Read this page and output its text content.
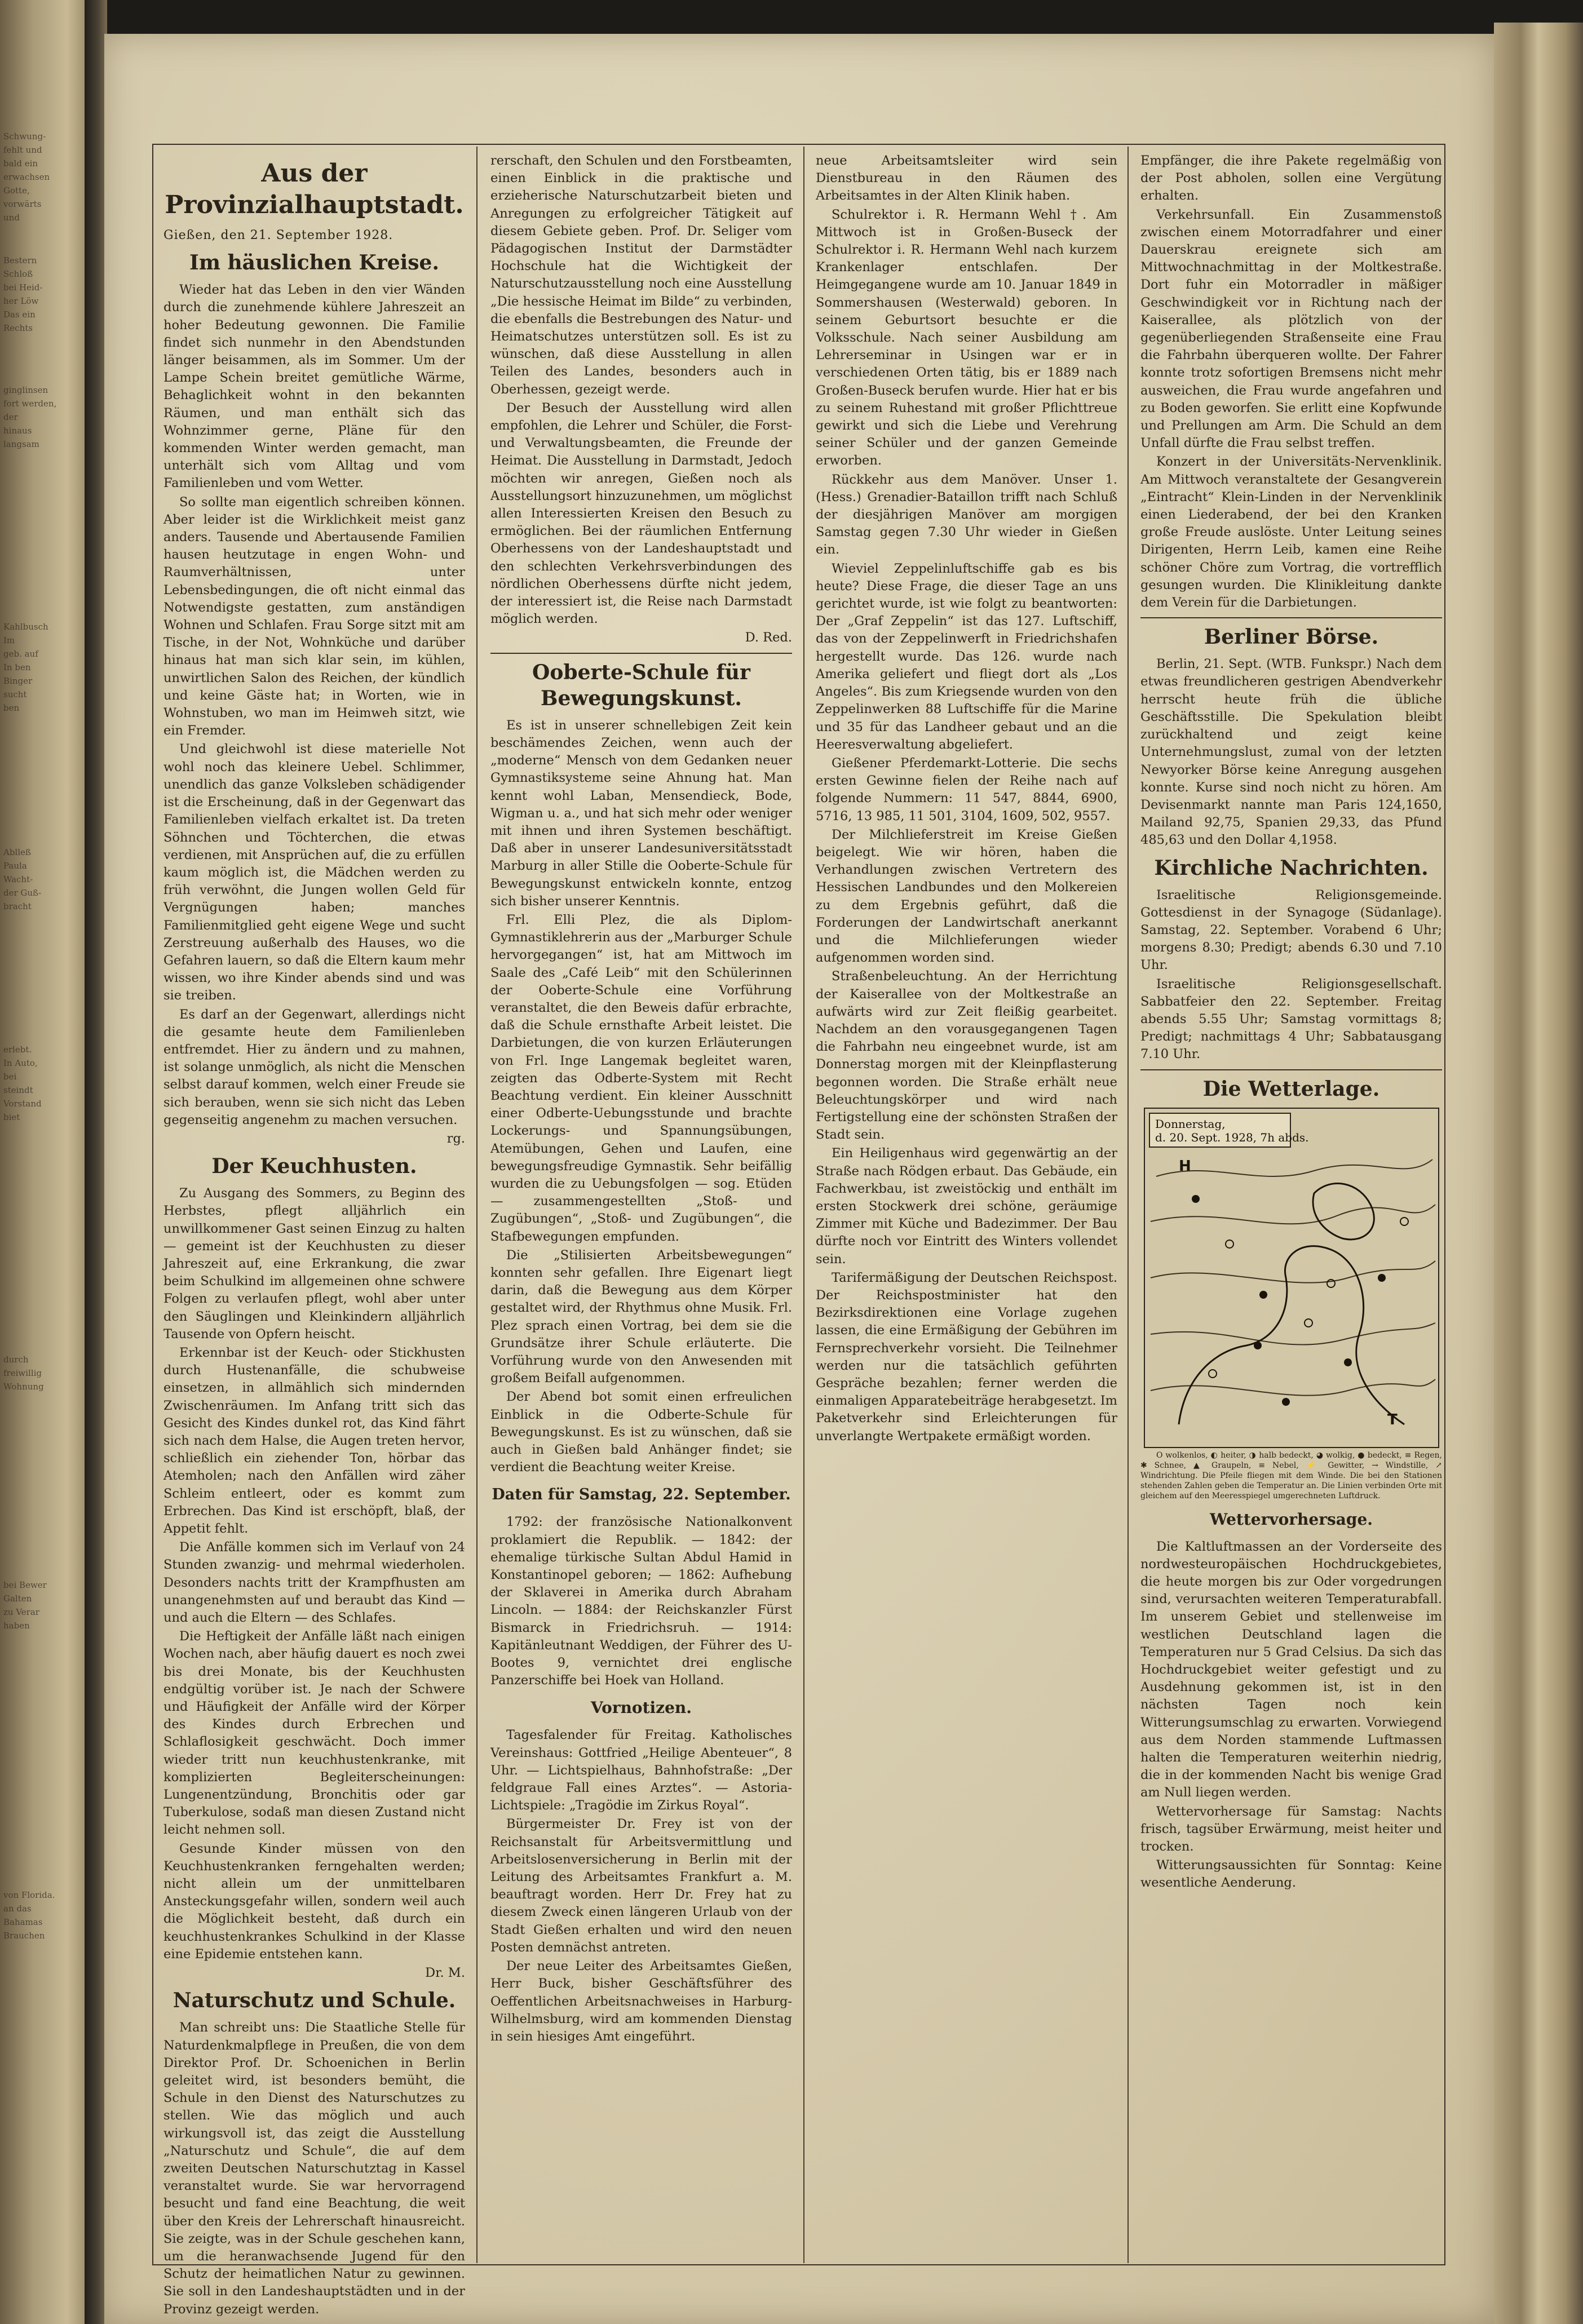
Schwung-
fehlt und
bald ein
erwachsen
Gotte,
vorwärts
und
Bestern
Schloß
bei Heid-
her Löw
Das ein
Rechts
ginglinsen
fort werden,
der
hinaus
langsam
Kahlbusch
Im
geb. auf
In ben
Binger
sucht
ben
Ablleß
Paula
Wacht-
der Guß-
bracht
erlebt.
In Auto,
bei
steindt
Vorstand
biet
durch
freiwillig
Wohnung
bei Bewer
Galten
zu Verar
haben
von Florida.
an das
Bahamas
Brauchen
Aus der Provinzialhauptstadt.

Gießen, den 21. September 1928.

Im häuslichen Kreise.

Wieder hat das Leben in den vier Wänden durch die zunehmende kühlere Jahreszeit an hoher Bedeutung gewonnen. Die Familie findet sich nunmehr in den Abendstunden länger beisammen, als im Sommer. Um der Lampe Schein breitet gemütliche Wärme, Behaglichkeit wohnt in den bekannten Räumen, und man enthält sich das Wohnzimmer gerne, Pläne für den kommenden Winter werden gemacht, man unterhält sich vom Alltag und vom Familienleben und vom Wetter.

So sollte man eigentlich schreiben können. Aber leider ist die Wirklichkeit meist ganz anders. Tausende und Abertausende Familien hausen heutzutage in engen Wohn- und Raumverhältnissen, unter Lebensbedingungen, die oft nicht einmal das Notwendigste gestatten, zum anständigen Wohnen und Schlafen. Frau Sorge sitzt mit am Tische, in der Not, Wohnküche und darüber hinaus hat man sich klar sein, im kühlen, unwirtlichen Salon des Reichen, der kündlich und keine Gäste hat; in Worten, wie in Wohnstuben, wo man im Heimweh sitzt, wie ein Fremder.

Und gleichwohl ist diese materielle Not wohl noch das kleinere Uebel. Schlimmer, unendlich das ganze Volksleben schädigender ist die Erscheinung, daß in der Gegenwart das Familienleben vielfach erkaltet ist. Da treten Söhnchen und Töchterchen, die etwas verdienen, mit Ansprüchen auf, die zu erfüllen kaum möglich ist, die Mädchen werden zu früh verwöhnt, die Jungen wollen Geld für Vergnügungen haben; manches Familienmitglied geht eigene Wege und sucht Zerstreuung außerhalb des Hauses, wo die Gefahren lauern, so daß die Eltern kaum mehr wissen, wo ihre Kinder abends sind und was sie treiben.

Es darf an der Gegenwart, allerdings nicht die gesamte heute dem Familienleben entfremdet. Hier zu ändern und zu mahnen, ist solange unmöglich, als nicht die Menschen selbst darauf kommen, welch einer Freude sie sich berauben, wenn sie sich nicht das Leben gegenseitig angenehm zu machen versuchen.

rg.

Der Keuchhusten.

Zu Ausgang des Sommers, zu Beginn des Herbstes, pflegt alljährlich ein unwillkommener Gast seinen Einzug zu halten — gemeint ist der Keuchhusten zu dieser Jahreszeit auf, eine Erkrankung, die zwar beim Schulkind im allgemeinen ohne schwere Folgen zu verlaufen pflegt, wohl aber unter den Säuglingen und Kleinkindern alljährlich Tausende von Opfern heischt.

Erkennbar ist der Keuch- oder Stickhusten durch Hustenanfälle, die schubweise einsetzen, in allmählich sich mindernden Zwischenräumen. Im Anfang tritt sich das Gesicht des Kindes dunkel rot, das Kind fährt sich nach dem Halse, die Augen treten hervor, schließlich ein ziehender Ton, hörbar das Atemholen; nach den Anfällen wird zäher Schleim entleert, oder es kommt zum Erbrechen. Das Kind ist erschöpft, blaß, der Appetit fehlt.

Die Anfälle kommen sich im Verlauf von 24 Stunden zwanzig- und mehrmal wiederholen. Desonders nachts tritt der Krampfhusten am unangenehmsten auf und beraubt das Kind — und auch die Eltern — des Schlafes.

Die Heftigkeit der Anfälle läßt nach einigen Wochen nach, aber häufig dauert es noch zwei bis drei Monate, bis der Keuchhusten endgültig vorüber ist. Je nach der Schwere und Häufigkeit der Anfälle wird der Körper des Kindes durch Erbrechen und Schlaflosigkeit geschwächt. Doch immer wieder tritt nun keuchhustenkranke, mit komplizierten Begleiterscheinungen: Lungenentzündung, Bronchitis oder gar Tuberkulose, sodaß man diesen Zustand nicht leicht nehmen soll.

Gesunde Kinder müssen von den Keuchhustenkranken ferngehalten werden; nicht allein um der unmittelbaren Ansteckungsgefahr willen, sondern weil auch die Möglichkeit besteht, daß durch ein keuchhustenkrankes Schulkind in der Klasse eine Epidemie entstehen kann.

Dr. M.

Naturschutz und Schule.

Man schreibt uns: Die Staatliche Stelle für Naturdenkmalpflege in Preußen, die von dem Direktor Prof. Dr. Schoenichen in Berlin geleitet wird, ist besonders bemüht, die Schule in den Dienst des Naturschutzes zu stellen. Wie das möglich und auch wirkungsvoll ist, das zeigt die Ausstellung „Naturschutz und Schule“, die auf dem zweiten Deutschen Naturschutztag in Kassel veranstaltet wurde. Sie war hervorragend besucht und fand eine Beachtung, die weit über den Kreis der Lehrerschaft hinausreicht. Sie zeigte, was in der Schule geschehen kann, um die heranwachsende Jugend für den Schutz der heimatlichen Natur zu gewinnen. Sie soll in den Landeshauptstädten und in der Provinz gezeigt werden.

rerschaft, den Schulen und den Forstbeamten, einen Einblick in die praktische und erzieherische Naturschutzarbeit bieten und Anregungen zu erfolgreicher Tätigkeit auf diesem Gebiete geben. Prof. Dr. Seliger vom Pädagogischen Institut der Darmstädter Hochschule hat die Wichtigkeit der Naturschutzausstellung noch eine Ausstellung „Die hessische Heimat im Bilde“ zu verbinden, die ebenfalls die Bestrebungen des Natur- und Heimatschutzes unterstützen soll. Es ist zu wünschen, daß diese Ausstellung in allen Teilen des Landes, besonders auch in Oberhessen, gezeigt werde.

Der Besuch der Ausstellung wird allen empfohlen, die Lehrer und Schüler, die Forst- und Verwaltungsbeamten, die Freunde der Heimat. Die Ausstellung in Darmstadt, Jedoch möchten wir anregen, Gießen noch als Ausstellungsort hinzuzunehmen, um möglichst allen Interessierten Kreisen den Besuch zu ermöglichen. Bei der räumlichen Entfernung Oberhessens von der Landeshauptstadt und den schlechten Verkehrsverbindungen des nördlichen Oberhessens dürfte nicht jedem, der interessiert ist, die Reise nach Darmstadt möglich werden.

D. Red.

Ooberte-Schule für Bewegungskunst.

Es ist in unserer schnellebigen Zeit kein beschämendes Zeichen, wenn auch der „moderne“ Mensch von dem Gedanken neuer Gymnastiksysteme seine Ahnung hat. Man kennt wohl Laban, Mensendieck, Bode, Wigman u. a., und hat sich mehr oder weniger mit ihnen und ihren Systemen beschäftigt. Daß aber in unserer Landesuniversitätsstadt Marburg in aller Stille die Ooberte-Schule für Bewegungskunst entwickeln konnte, entzog sich bisher unserer Kenntnis.

Frl. Elli Plez, die als Diplom-Gymnastiklehrerin aus der „Marburger Schule hervorgegangen“ ist, hat am Mittwoch im Saale des „Café Leib“ mit den Schülerinnen der Ooberte-Schule eine Vorführung veranstaltet, die den Beweis dafür erbrachte, daß die Schule ernsthafte Arbeit leistet. Die Darbietungen, die von kurzen Erläuterungen von Frl. Inge Langemak begleitet waren, zeigten das Odberte-System mit Recht Beachtung verdient. Ein kleiner Ausschnitt einer Odberte-Uebungsstunde und brachte Lockerungs- und Spannungsübungen, Atemübungen, Gehen und Laufen, eine bewegungsfreudige Gymnastik. Sehr beifällig wurden die zu Uebungsfolgen — sog. Etüden — zusammengestellten „Stoß- und Zugübungen“, „Stoß- und Zugübungen“, die Stafbewegungen empfunden.

Die „Stilisierten Arbeitsbewegungen“ konnten sehr gefallen. Ihre Eigenart liegt darin, daß die Bewegung aus dem Körper gestaltet wird, der Rhythmus ohne Musik. Frl. Plez sprach einen Vortrag, bei dem sie die Grundsätze ihrer Schule erläuterte. Die Vorführung wurde von den Anwesenden mit großem Beifall aufgenommen.

Der Abend bot somit einen erfreulichen Einblick in die Odberte-Schule für Bewegungskunst. Es ist zu wünschen, daß sie auch in Gießen bald Anhänger findet; sie verdient die Beachtung weiter Kreise.

Daten für Samstag, 22. September.

1792: der französische Nationalkonvent proklamiert die Republik. — 1842: der ehemalige türkische Sultan Abdul Hamid in Konstantinopel geboren; — 1862: Aufhebung der Sklaverei in Amerika durch Abraham Lincoln. — 1884: der Reichskanzler Fürst Bismarck in Friedrichsruh. — 1914: Kapitänleutnant Weddigen, der Führer des U-Bootes 9, vernichtet drei englische Panzerschiffe bei Hoek van Holland.

Vornotizen.

Tagesfalender für Freitag. Katholisches Vereinshaus: Gottfried „Heilige Abenteuer“, 8 Uhr. — Lichtspielhaus, Bahnhofstraße: „Der feldgraue Fall eines Arztes“. — Astoria-Lichtspiele: „Tragödie im Zirkus Royal“.

Bürgermeister Dr. Frey ist von der Reichsanstalt für Arbeitsvermittlung und Arbeitslosenversicherung in Berlin mit der Leitung des Arbeitsamtes Frankfurt a. M. beauftragt worden. Herr Dr. Frey hat zu diesem Zweck einen längeren Urlaub von der Stadt Gießen erhalten und wird den neuen Posten demnächst antreten.

Der neue Leiter des Arbeitsamtes Gießen, Herr Buck, bisher Geschäftsführer des Oeffentlichen Arbeitsnachweises in Harburg-Wilhelmsburg, wird am kommenden Dienstag in sein hiesiges Amt eingeführt.

neue Arbeitsamtsleiter wird sein Dienstbureau in den Räumen des Arbeitsamtes in der Alten Klinik haben.

Schulrektor i. R. Hermann Wehl †. Am Mittwoch ist in Großen-Buseck der Schulrektor i. R. Hermann Wehl nach kurzem Krankenlager entschlafen. Der Heimgegangene wurde am 10. Januar 1849 in Sommershausen (Westerwald) geboren. In seinem Geburtsort besuchte er die Volksschule. Nach seiner Ausbildung am Lehrerseminar in Usingen war er in verschiedenen Orten tätig, bis er 1889 nach Großen-Buseck berufen wurde. Hier hat er bis zu seinem Ruhestand mit großer Pflichttreue gewirkt und sich die Liebe und Verehrung seiner Schüler und der ganzen Gemeinde erworben.

Rückkehr aus dem Manöver. Unser 1. (Hess.) Grenadier-Bataillon trifft nach Schluß der diesjährigen Manöver am morgigen Samstag gegen 7.30 Uhr wieder in Gießen ein.

Wieviel Zeppelinluftschiffe gab es bis heute? Diese Frage, die dieser Tage an uns gerichtet wurde, ist wie folgt zu beantworten: Der „Graf Zeppelin“ ist das 127. Luftschiff, das von der Zeppelinwerft in Friedrichshafen hergestellt wurde. Das 126. wurde nach Amerika geliefert und fliegt dort als „Los Angeles“. Bis zum Kriegsende wurden von den Zeppelinwerken 88 Luftschiffe für die Marine und 35 für das Landheer gebaut und an die Heeresverwaltung abgeliefert.

Gießener Pferdemarkt-Lotterie. Die sechs ersten Gewinne fielen der Reihe nach auf folgende Nummern: 11 547, 8844, 6900, 5716, 13 985, 11 501, 3104, 1609, 502, 9557.

Der Milchlieferstreit im Kreise Gießen beigelegt. Wie wir hören, haben die Verhandlungen zwischen Vertretern des Hessischen Landbundes und den Molkereien zu dem Ergebnis geführt, daß die Forderungen der Landwirtschaft anerkannt und die Milchlieferungen wieder aufgenommen worden sind.

Straßenbeleuchtung. An der Herrichtung der Kaiserallee von der Moltkestraße an aufwärts wird zur Zeit fleißig gearbeitet. Nachdem an den vorausgegangenen Tagen die Fahrbahn neu eingeebnet wurde, ist am Donnerstag morgen mit der Kleinpflasterung begonnen worden. Die Straße erhält neue Beleuchtungskörper und wird nach Fertigstellung eine der schönsten Straßen der Stadt sein.

Ein Heiligenhaus wird gegenwärtig an der Straße nach Rödgen erbaut. Das Gebäude, ein Fachwerkbau, ist zweistöckig und enthält im ersten Stockwerk drei schöne, geräumige Zimmer mit Küche und Badezimmer. Der Bau dürfte noch vor Eintritt des Winters vollendet sein.

Tarifermäßigung der Deutschen Reichspost. Der Reichspostminister hat den Bezirksdirektionen eine Vorlage zugehen lassen, die eine Ermäßigung der Gebühren im Fernsprechverkehr vorsieht. Die Teilnehmer werden nur die tatsächlich geführten Gespräche bezahlen; ferner werden die einmaligen Apparatebeiträge herabgesetzt. Im Paketverkehr sind Erleichterungen für unverlangte Wertpakete ermäßigt worden.

Empfänger, die ihre Pakete regelmäßig von der Post abholen, sollen eine Vergütung erhalten.

Verkehrsunfall. Ein Zusammenstoß zwischen einem Motorradfahrer und einer Dauerskrau ereignete sich am Mittwochnachmittag in der Moltkestraße. Dort fuhr ein Motorradler in mäßiger Geschwindigkeit vor in Richtung nach der Kaiserallee, als plötzlich von der gegenüberliegenden Straßenseite eine Frau die Fahrbahn überqueren wollte. Der Fahrer konnte trotz sofortigen Bremsens nicht mehr ausweichen, die Frau wurde angefahren und zu Boden geworfen. Sie erlitt eine Kopfwunde und Prellungen am Arm. Die Schuld an dem Unfall dürfte die Frau selbst treffen.

Konzert in der Universitäts-Nervenklinik. Am Mittwoch veranstaltete der Gesangverein „Eintracht“ Klein-Linden in der Nervenklinik einen Liederabend, der bei den Kranken große Freude auslöste. Unter Leitung seines Dirigenten, Herrn Leib, kamen eine Reihe schöner Chöre zum Vortrag, die vortrefflich gesungen wurden. Die Klinikleitung dankte dem Verein für die Darbietungen.

Berliner Börse.

Berlin, 21. Sept. (WTB. Funkspr.) Nach dem etwas freundlicheren gestrigen Abendverkehr herrscht heute früh die übliche Geschäftsstille. Die Spekulation bleibt zurückhaltend und zeigt keine Unternehmungslust, zumal von der letzten Newyorker Börse keine Anregung ausgehen konnte. Kurse sind noch nicht zu hören. Am Devisenmarkt nannte man Paris 124,1650, Mailand 92,75, Spanien 29,33, das Pfund 485,63 und den Dollar 4,1958.

Kirchliche Nachrichten.

Israelitische Religionsgemeinde. Gottesdienst in der Synagoge (Südanlage). Samstag, 22. September. Vorabend 6 Uhr; morgens 8.30; Predigt; abends 6.30 und 7.10 Uhr.

Israelitische Religionsgesellschaft. Sabbatfeier den 22. September. Freitag abends 5.55 Uhr; Samstag vormittags 8; Predigt; nachmittags 4 Uhr; Sabbatausgang 7.10 Uhr.

Die Wetterlage.
Donnerstag,
d. 20. Sept. 1928, 7h abds.
H
T

O wolkenlos, ◐ heiter, ◑ halb bedeckt, ◕ wolkig, ● bedeckt, ≡ Regen, ✱ Schnee, ▲ Graupeln, ≡ Nebel, ⚡ Gewitter, → Windstille, ↗ Windrichtung. Die Pfeile fliegen mit dem Winde. Die bei den Stationen stehenden Zahlen geben die Temperatur an. Die Linien verbinden Orte mit gleichem auf den Meeresspiegel umgerechneten Luftdruck.

Wettervorhersage.

Die Kaltluftmassen an der Vorderseite des nordwesteuropäischen Hochdruckgebietes, die heute morgen bis zur Oder vorgedrungen sind, verursachten weiteren Temperaturabfall. Im unserem Gebiet und stellenweise im westlichen Deutschland lagen die Temperaturen nur 5 Grad Celsius. Da sich das Hochdruckgebiet weiter gefestigt und zu Ausdehnung gekommen ist, ist in den nächsten Tagen noch kein Witterungsumschlag zu erwarten. Vorwiegend aus dem Norden stammende Luftmassen halten die Temperaturen weiterhin niedrig, die in der kommenden Nacht bis wenige Grad am Null liegen werden.

Wettervorhersage für Samstag: Nachts frisch, tagsüber Erwärmung, meist heiter und trocken.

Witterungsaussichten für Sonntag: Keine wesentliche Aenderung.
